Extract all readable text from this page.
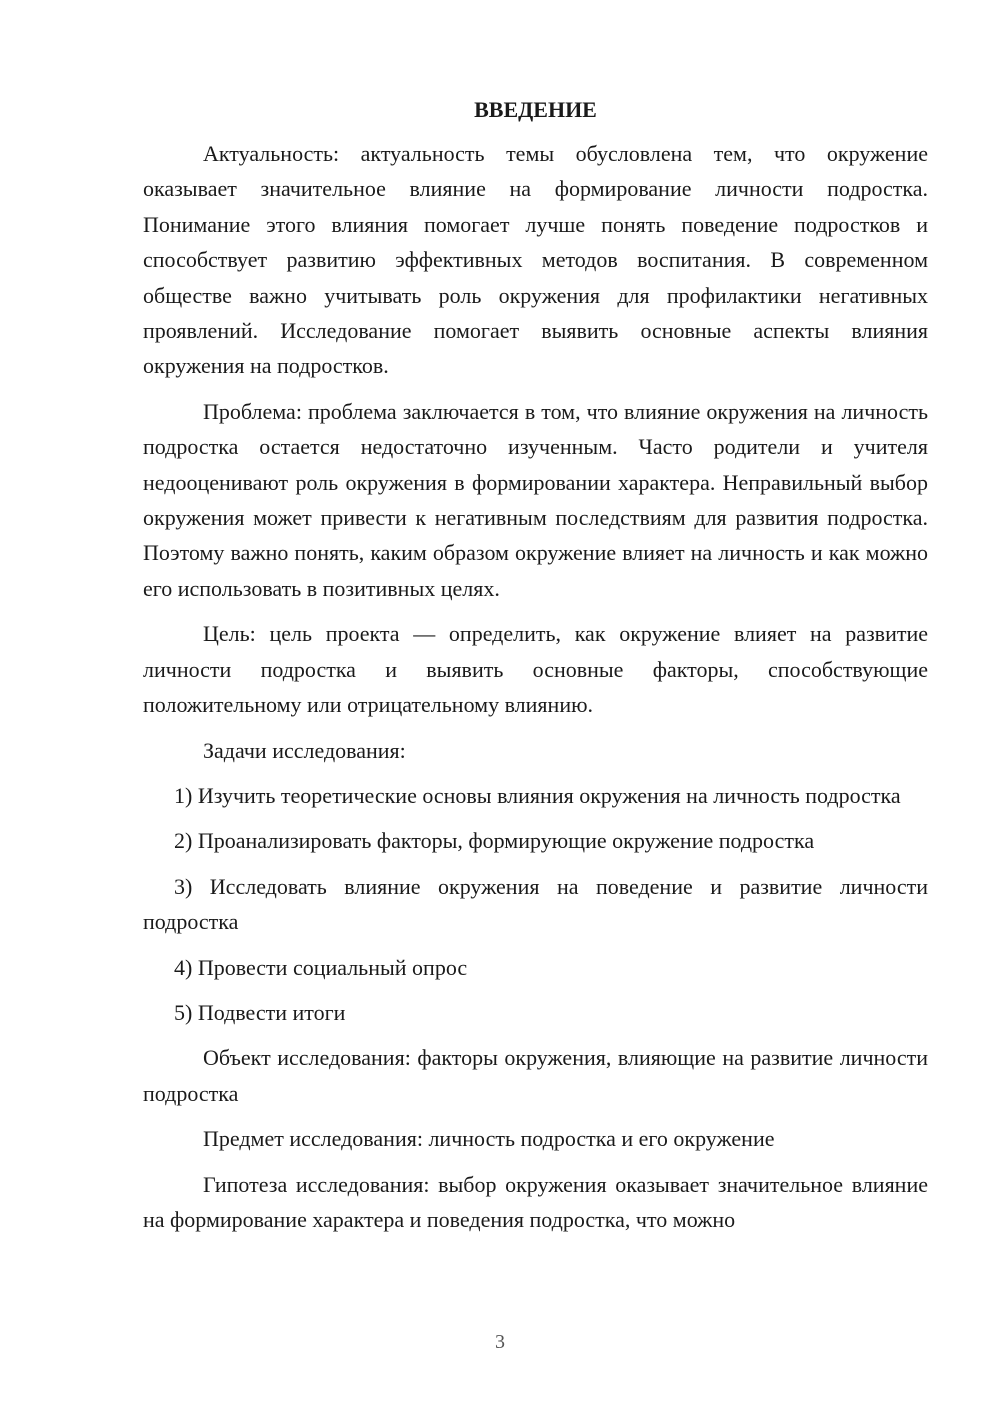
ВВЕДЕНИЕ

Актуальность: актуальность темы обусловлена тем, что окружение оказывает значительное влияние на формирование личности подростка. Понимание этого влияния помогает лучше понять поведение подростков и способствует развитию эффективных методов воспитания. В современном обществе важно учитывать роль окружения для профилактики негативных проявлений. Исследование помогает выявить основные аспекты влияния окружения на подростков.

Проблема: проблема заключается в том, что влияние окружения на личность подростка остается недостаточно изученным. Часто родители и учителя недооценивают роль окружения в формировании характера. Неправильный выбор окружения может привести к негативным последствиям для развития подростка. Поэтому важно понять, каким образом окружение влияет на личность и как можно его использовать в позитивных целях.

Цель: цель проекта — определить, как окружение влияет на развитие личности подростка и выявить основные факторы, способствующие положительному или отрицательному влиянию.

Задачи исследования:

1) Изучить теоретические основы влияния окружения на личность подростка

2) Проанализировать факторы, формирующие окружение подростка

3) Исследовать влияние окружения на поведение и развитие личности подростка

4) Провести социальный опрос

5) Подвести итоги

Объект исследования: факторы окружения, влияющие на развитие личности подростка

Предмет исследования: личность подростка и его окружение

Гипотеза исследования: выбор окружения оказывает значительное влияние на формирование характера и поведения подростка, что можно

3
